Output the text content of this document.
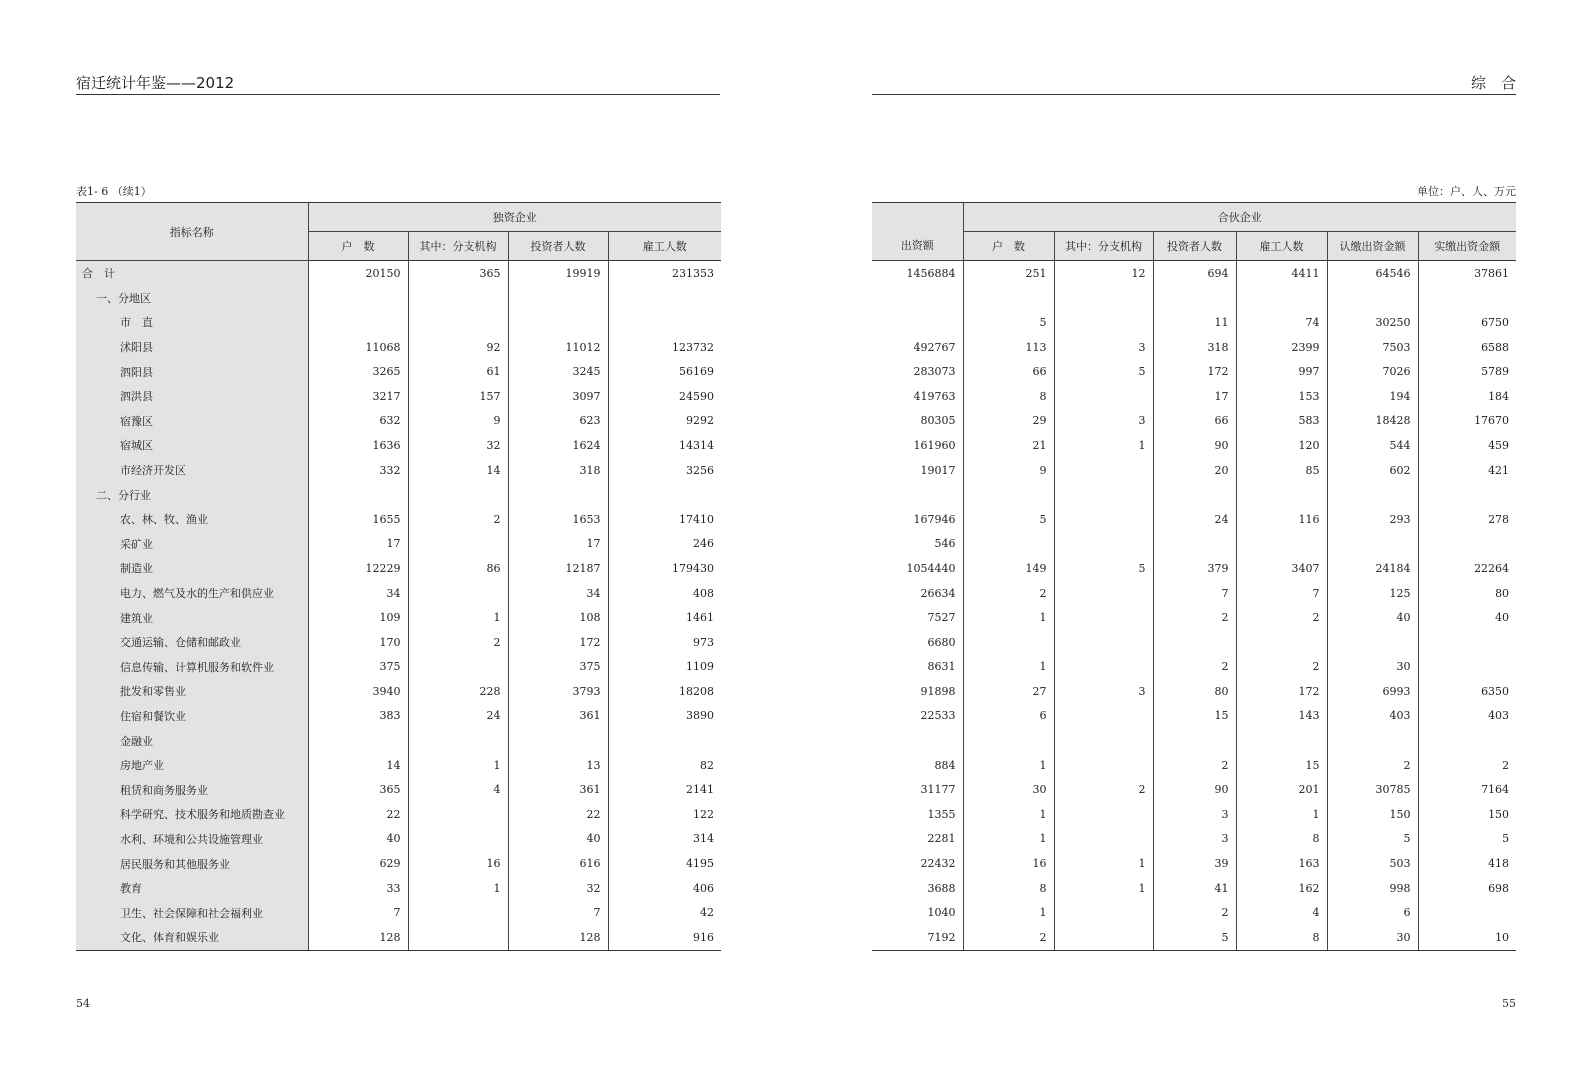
宿迁统计年鉴——2012	综　合
表1- 6 （续1）	单位：户、人、万元
指标名称	独资企业			
	户　数	其中：分支机构	投资者人数	雇工人数
合　计	20150	365	19919	231353
一、分地区				
市　直				
沭阳县	11068	92	11012	123732
泗阳县	3265	61	3245	56169
泗洪县	3217	157	3097	24590
宿豫区	632	9	623	9292
宿城区	1636	32	1624	14314
市经济开发区	332	14	318	3256
二、分行业				
农、林、牧、渔业	1655	2	1653	17410
采矿业	17		17	246
制造业	12229	86	12187	179430
电力、燃气及水的生产和供应业	34		34	408
建筑业	109	1	108	1461
交通运输、仓储和邮政业	170	2	172	973
信息传输、计算机服务和软件业	375		375	1109
批发和零售业	3940	228	3793	18208
住宿和餐饮业	383	24	361	3890
金融业				
房地产业	14	1	13	82
租赁和商务服务业	365	4	361	2141
科学研究、技术服务和地质勘查业	22		22	122
水利、环境和公共设施管理业	40		40	314
居民服务和其他服务业	629	16	616	4195
教育	33	1	32	406
卫生、社会保障和社会福利业	7		7	42
文化、体育和娱乐业	128		128	916
出资额	合伙企业					
	户　数	其中：分支机构	投资者人数	雇工人数	认缴出资金额	实缴出资金额
1456884	251	12	694	4411	64546	37861

	5		11	74	30250	6750
492767	113	3	318	2399	7503	6588
283073	66	5	172	997	7026	5789
419763	8		17	153	194	184
80305	29	3	66	583	18428	17670
161960	21	1	90	120	544	459
19017	9		20	85	602	421

167946	5		24	116	293	278
546						
1054440	149	5	379	3407	24184	22264
26634	2		7	7	125	80
7527	1		2	2	40	40
6680						
8631	1		2	2	30	
91898	27	3	80	172	6993	6350
22533	6		15	143	403	403

884	1		2	15	2	2
31177	30	2	90	201	30785	7164
1355	1		3	1	150	150
2281	1		3	8	5	5
22432	16	1	39	163	503	418
3688	8	1	41	162	998	698
1040	1		2	4	6	
7192	2		5	8	30	10
54	55
